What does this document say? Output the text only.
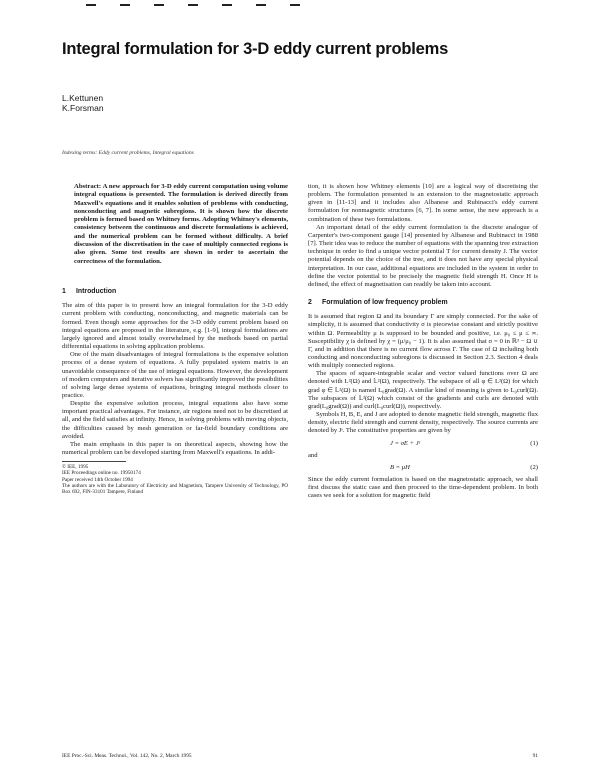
Integral formulation for 3-D eddy current problems
L.Kettunen
K.Forsman
Indexing terms: Eddy current problems, Integral equations
Abstract: A new approach for 3-D eddy current computation using volume integral equations is presented. The formulation is derived directly from Maxwell's equations and it enables solution of problems with conducting, nonconducting and magnetic subregions. It is shown how the discrete problem is formed based on Whitney forms. Adopting Whitney's elements, consistency between the continuous and discrete formulations is achieved, and the numerical problem can be formed without difficulty. A brief discussion of the discretisation in the case of multiply connected regions is also given. Some test results are shown in order to ascertain the correctness of the formulation.
1 Introduction

The aim of this paper is to present how an integral formulation for the 3-D eddy current problem with conducting, nonconducting, and magnetic materials can be formed. Even though some approaches for the 3-D eddy current problem based on integral equations are proposed in the literature, e.g. [1-9], integral formulations are largely ignored and almost totally overwhelmed by the methods based on partial differential equations in solving application problems.

One of the main disadvantages of integral formulations is the expensive solution process of a dense system of equations. A fully populated system matrix is an unavoidable consequence of the use of integral equations. However, the development of modern computers and iterative solvers has significantly improved the possibilities of solving large dense systems of equations, bringing integral methods closer to practice.

Despite the expensive solution process, integral equations also have some important practical advantages. For instance, air regions need not to be discretised at all, and the field satisfies at infinity. Hence, in solving problems with moving objects, the difficulties caused by mesh generation or far-field boundary conditions are avoided.

The main emphasis in this paper is on theoretical aspects, showing how the numerical problem can be developed starting from Maxwell's equations. In addi-

© IEE, 1995
IEE Proceedings online no. 19950174
Paper received 14th October 1994
The authors are with the Laboratory of Electricity and Magnetism, Tampere University of Technology, PO Box 692, FIN-33101 Tampere, Finland

tion, it is shown how Whitney elements [10] are a logical way of discretising the problem. The formulation presented is an extension to the magnetostatic approach given in [11-13] and it includes also Albanese and Rubinacci's eddy current formulation for nonmagnetic structures [6, 7]. In some sense, the new approach is a combination of these two formulations.

An important detail of the eddy current formulation is the discrete analogue of Carpenter's two-component gauge [14] presented by Albanese and Rubinacci in 1988 [7]. Their idea was to reduce the number of equations with the spanning tree extraction technique in order to find a unique vector potential T for current density J. The vector potential depends on the choice of the tree, and it does not have any special physical interpretation. In our case, additional equations are included in the system in order to define the vector potential to be precisely the magnetic field strength H. Once H is defined, the effect of magnetisation can readily be taken into account.

2 Formulation of low frequency problem

It is assumed that region Ω and its boundary Γ are simply connected. For the sake of simplicity, it is assumed that conductivity σ is piecewise constant and strictly positive within Ω. Permeability μ is supposed to be bounded and positive, i.e. μ₀ ≤ μ ≤ ∞. Susceptibility χ is defined by χ = (μ/μ₀ − 1). It is also assumed that σ = 0 in ℝ³ − Ω ∪ Γ, and in addition that there is no current flow across Γ. The case of Ω including both conducting and nonconducting subregions is discussed in Section 2.3. Section 4 deals with multiply connected regions.

The spaces of square-integrable scalar and vector valued functions over Ω are denoted with L²(Ω) and 𝕃²(Ω), respectively. The subspace of all φ ∈ L²(Ω) for which grad φ ∈ 𝕃²(Ω) is named L₀grad(Ω). A similar kind of meaning is given to L₀curl(Ω). The subspaces of 𝕃²(Ω) which consist of the gradients and curls are denoted with grad(L₀grad(Ω)) and curl(L₀curl(Ω)), respectively.

Symbols H, B, E, and J are adopted to denote magnetic field strength, magnetic flux density, electric field strength and current density, respectively. The source currents are denoted by Jˢ. The constitutive properties are given by

J = σE + Jˢ	(1)
and
B = μH	(2)

Since the eddy current formulation is based on the magnetostatic approach, we shall first discuss the static case and then proceed to the time-dependent problem. In both cases we seek for a solution for magnetic field

IEE Proc.-Sci. Meas. Technol., Vol. 142, No. 2, March 1995	91
